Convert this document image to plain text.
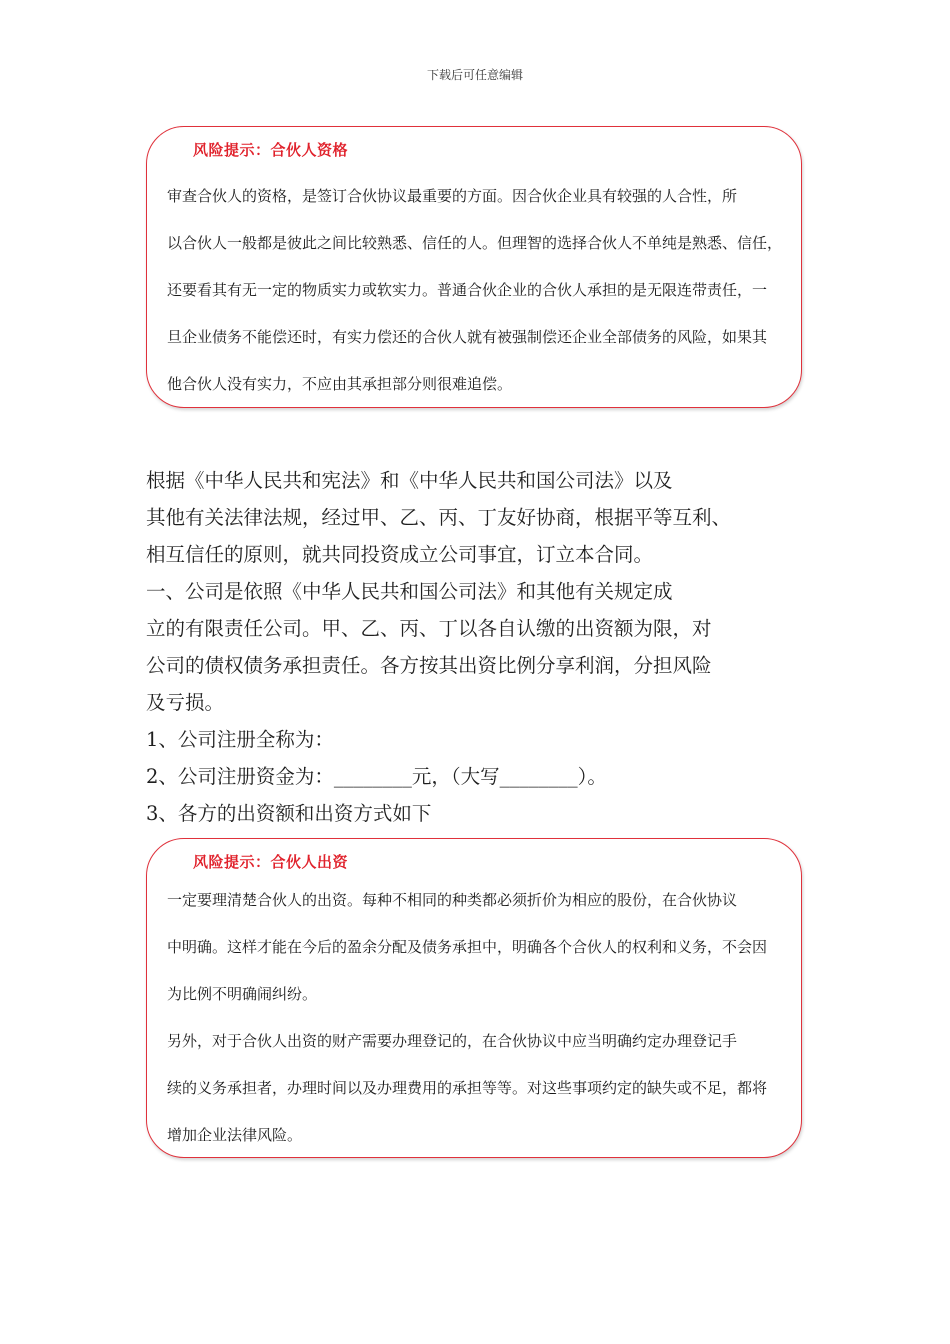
下载后可任意编辑
风险提示：合伙人资格
审查合伙人的资格，是签订合伙协议最重要的方面。因合伙企业具有较强的人合性，所
以合伙人一般都是彼此之间比较熟悉、信任的人。但理智的选择合伙人不单纯是熟悉、信任，
还要看其有无一定的物质实力或软实力。普通合伙企业的合伙人承担的是无限连带责任，一
旦企业债务不能偿还时，有实力偿还的合伙人就有被强制偿还企业全部债务的风险，如果其
他合伙人没有实力，不应由其承担部分则很难追偿。
根据《中华人民共和宪法》和《中华人民共和国公司法》以及
其他有关法律法规，经过甲、乙、丙、丁友好协商，根据平等互利、
相互信任的原则，就共同投资成立公司事宜，订立本合同。
一、公司是依照《中华人民共和国公司法》和其他有关规定成
立的有限责任公司。甲、乙、丙、丁以各自认缴的出资额为限，对
公司的债权债务承担责任。各方按其出资比例分享利润，分担风险
及亏损。
1、公司注册全称为：
2、公司注册资金为：________元，（大写________）。
3、各方的出资额和出资方式如下
风险提示：合伙人出资
一定要理清楚合伙人的出资。每种不相同的种类都必须折价为相应的股份，在合伙协议
中明确。这样才能在今后的盈余分配及债务承担中，明确各个合伙人的权利和义务，不会因
为比例不明确闹纠纷。
另外，对于合伙人出资的财产需要办理登记的，在合伙协议中应当明确约定办理登记手
续的义务承担者，办理时间以及办理费用的承担等等。对这些事项约定的缺失或不足，都将
增加企业法律风险。
